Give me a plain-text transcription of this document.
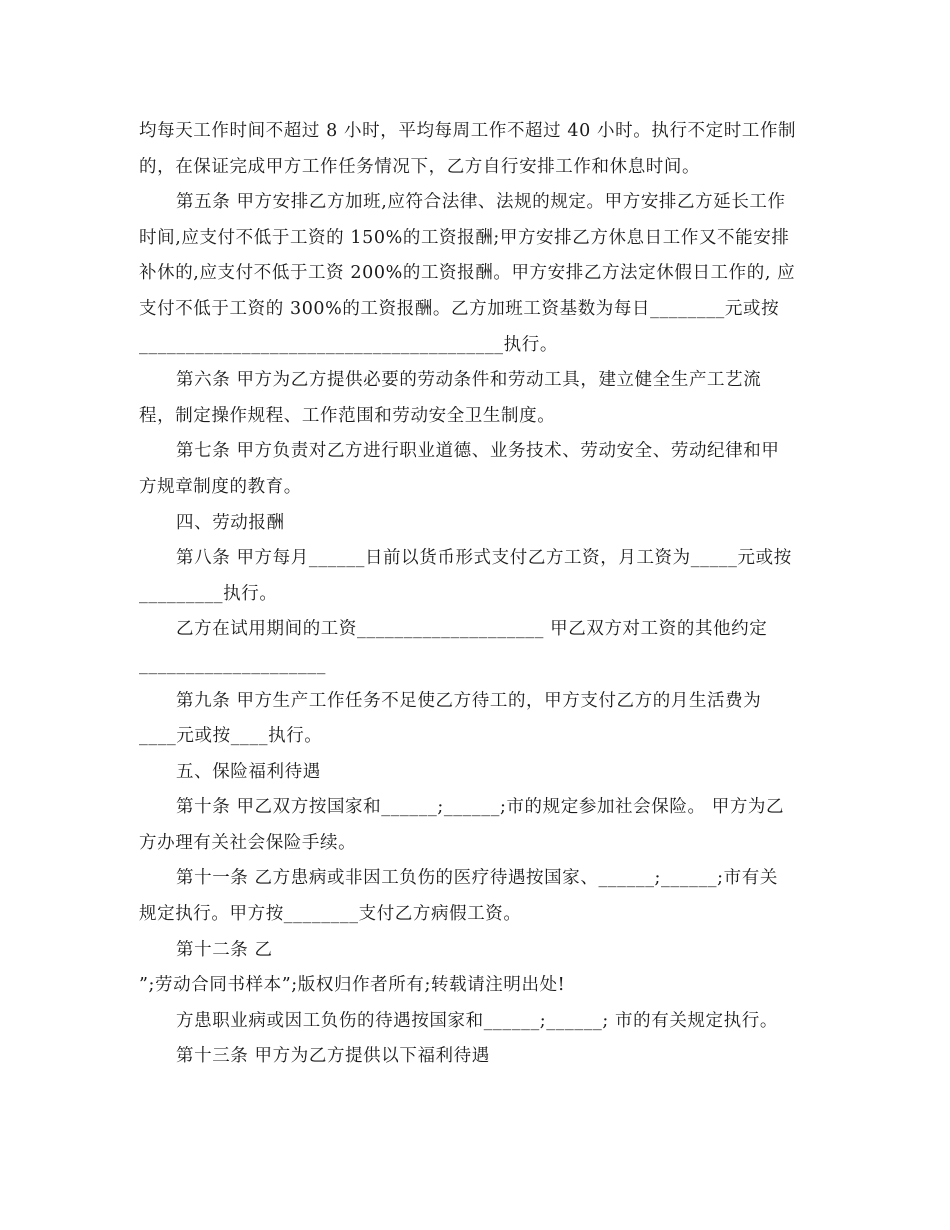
均每天工作时间不超过 8 小时，平均每周工作不超过 40 小时。执行不定时工作制
的，在保证完成甲方工作任务情况下，乙方自行安排工作和休息时间。
第五条 甲方安排乙方加班,应符合法律、法规的规定。甲方安排乙方延长工作
时间,应支付不低于工资的 150%的工资报酬;甲方安排乙方休息日工作又不能安排
补休的,应支付不低于工资 200%的工资报酬。甲方安排乙方法定休假日工作的, 应
支付不低于工资的 300%的工资报酬。乙方加班工资基数为每日________元或按
_______________________________________执行。
第六条 甲方为乙方提供必要的劳动条件和劳动工具，建立健全生产工艺流
程，制定操作规程、工作范围和劳动安全卫生制度。
第七条 甲方负责对乙方进行职业道德、业务技术、劳动安全、劳动纪律和甲
方规章制度的教育。
四、劳动报酬
第八条 甲方每月______日前以货币形式支付乙方工资，月工资为_____元或按
_________执行。
乙方在试用期间的工资____________________ 甲乙双方对工资的其他约定
____________________
第九条 甲方生产工作任务不足使乙方待工的，甲方支付乙方的月生活费为
____元或按____执行。
五、保险福利待遇
第十条 甲乙双方按国家和______;______;市的规定参加社会保险。 甲方为乙
方办理有关社会保险手续。
第十一条 乙方患病或非因工负伤的医疗待遇按国家、______;______;市有关
规定执行。甲方按________支付乙方病假工资。
第十二条 乙
”;劳动合同书样本”;版权归作者所有;转载请注明出处!
方患职业病或因工负伤的待遇按国家和______;______; 市的有关规定执行。
第十三条 甲方为乙方提供以下福利待遇
